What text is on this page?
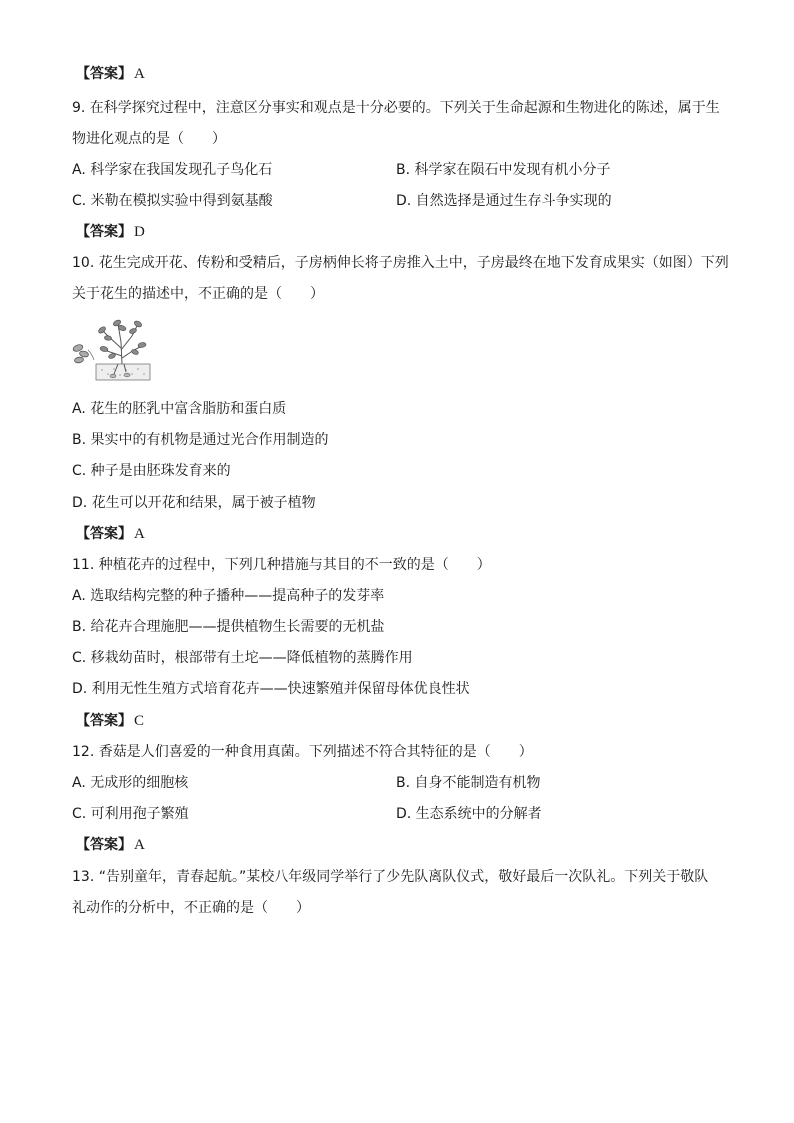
【答案】 A
9. 在科学探究过程中，注意区分事实和观点是十分必要的。下列关于生命起源和生物进化的陈述，属于生
物进化观点的是（　　）
A. 科学家在我国发现孔子鸟化石	B. 科学家在陨石中发现有机小分子
C. 米勒在模拟实验中得到氨基酸	D. 自然选择是通过生存斗争实现的
【答案】 D
10. 花生完成开花、传粉和受精后，子房柄伸长将子房推入土中，子房最终在地下发育成果实（如图）下列
关于花生的描述中，不正确的是（　　）
A. 花生的胚乳中富含脂肪和蛋白质
B. 果实中的有机物是通过光合作用制造的
C. 种子是由胚珠发育来的
D. 花生可以开花和结果，属于被子植物
【答案】 A
11. 种植花卉的过程中，下列几种措施与其目的不一致的是（　　）
A. 选取结构完整的种子播种——提高种子的发芽率
B. 给花卉合理施肥——提供植物生长需要的无机盐
C. 移栽幼苗时，根部带有土坨——降低植物的蒸腾作用
D. 利用无性生殖方式培育花卉——快速繁殖并保留母体优良性状
【答案】 C
12. 香菇是人们喜爱的一种食用真菌。下列描述不符合其特征的是（　　）
A. 无成形的细胞核	B. 自身不能制造有机物
C. 可利用孢子繁殖	D. 生态系统中的分解者
【答案】 A
13. “告别童年，青春起航。”某校八年级同学举行了少先队离队仪式，敬好最后一次队礼。下列关于敬队
礼动作的分析中，不正确的是（　　）
